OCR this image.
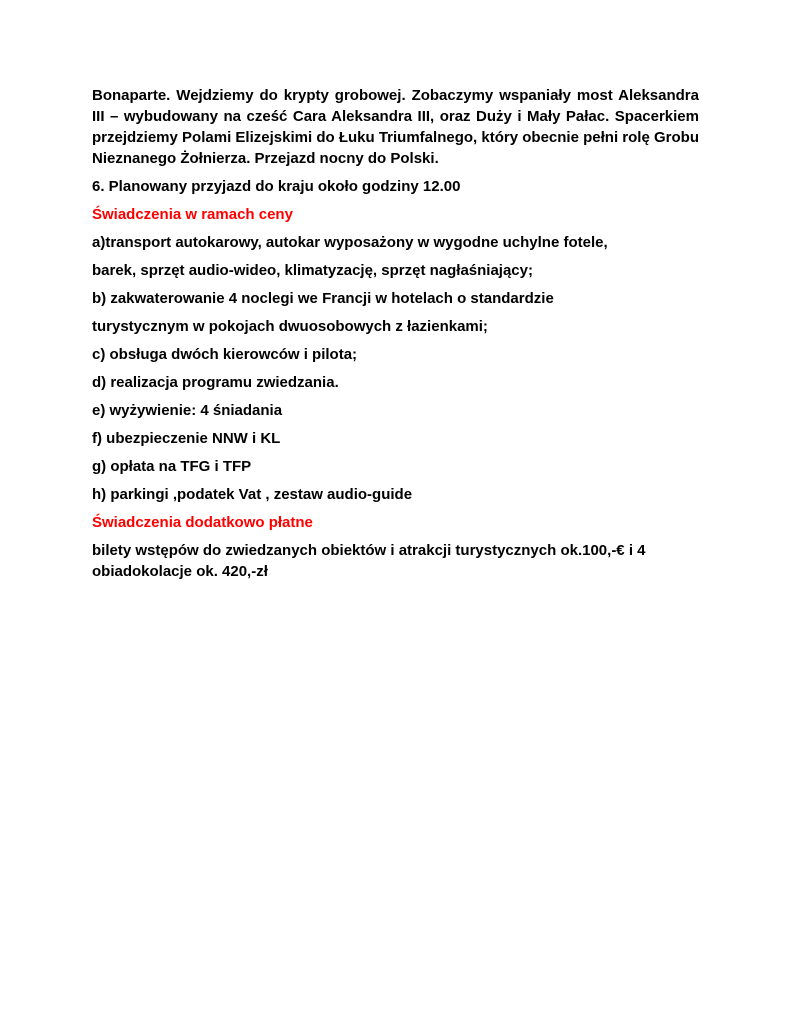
Bonaparte. Wejdziemy do krypty grobowej. Zobaczymy wspaniały most Aleksandra III – wybudowany na cześć Cara Aleksandra III, oraz Duży i Mały Pałac. Spacerkiem przejdziemy Polami Elizejskimi do Łuku Triumfalnego, który obecnie pełni rolę Grobu Nieznanego Żołnierza. Przejazd nocny do Polski.
6. Planowany przyjazd do kraju około godziny 12.00
Świadczenia w ramach ceny
a)transport autokarowy, autokar wyposażony w wygodne uchylne fotele,
barek, sprzęt audio-wideo, klimatyzację, sprzęt nagłaśniający;
b) zakwaterowanie 4 noclegi we Francji w hotelach o standardzie
turystycznym w pokojach dwuosobowych z łazienkami;
c) obsługa dwóch kierowców i pilota;
d) realizacja programu zwiedzania.
e) wyżywienie: 4 śniadania
f) ubezpieczenie NNW i KL
g) opłata na TFG i TFP
h) parkingi ,podatek Vat , zestaw audio-guide
Świadczenia dodatkowo płatne
bilety wstępów do zwiedzanych obiektów i atrakcji turystycznych ok.100,-€ i 4
obiadokolacje ok. 420,-zł
